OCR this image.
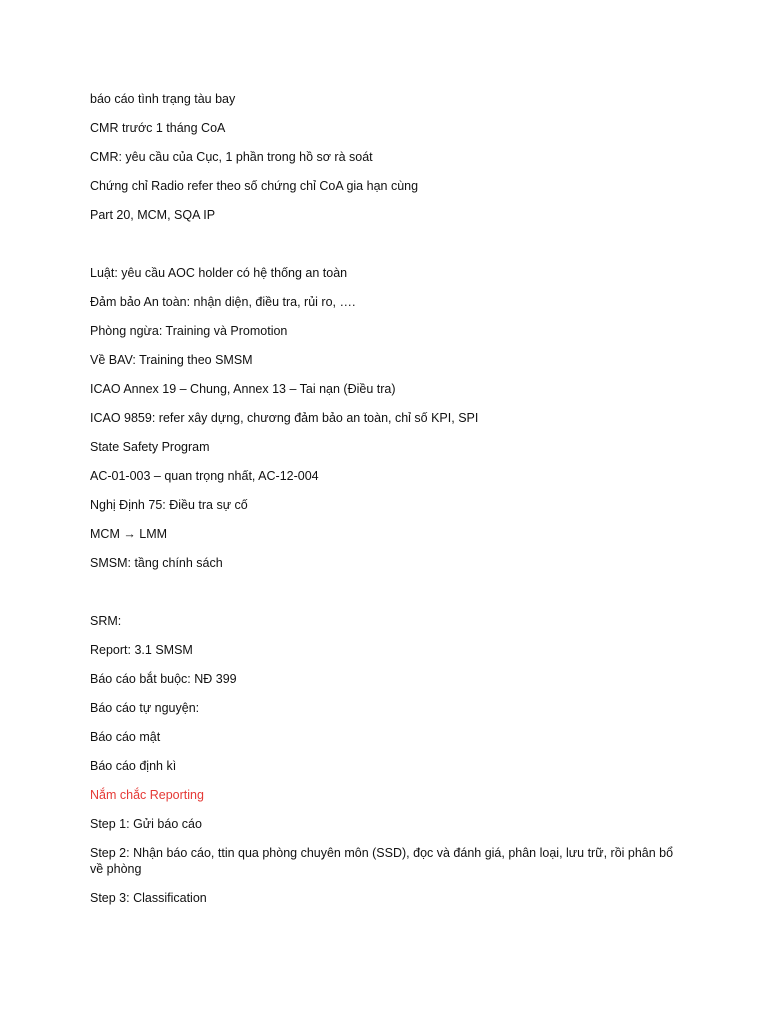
báo cáo tình trạng tàu bay

CMR trước 1 tháng CoA

CMR: yêu cầu của Cục, 1 phần trong hồ sơ rà soát

Chứng chỉ Radio refer theo số chứng chỉ CoA gia hạn cùng

Part 20, MCM, SQA IP

Luật: yêu cầu AOC holder có hệ thống an toàn

Đảm bảo An toàn: nhận diện, điều tra, rủi ro, ….

Phòng ngừa: Training và Promotion

Về BAV: Training theo SMSM

ICAO Annex 19 – Chung, Annex 13 – Tai nạn (Điều tra)

ICAO 9859: refer xây dựng, chương đảm bảo an toàn, chỉ số KPI, SPI

State Safety Program

AC-01-003 – quan trọng nhất, AC-12-004

Nghị Định 75: Điều tra sự cố

MCM → LMM

SMSM: tầng chính sách

SRM:

Report: 3.1 SMSM

Báo cáo bắt buộc: NĐ 399

Báo cáo tự nguyện:

Báo cáo mật

Báo cáo định kì

Nắm chắc Reporting

Step 1: Gửi báo cáo

Step 2: Nhận báo cáo, ttin qua phòng chuyên môn (SSD), đọc và đánh giá, phân loại, lưu trữ, rồi phân bổ về phòng

Step 3: Classification
